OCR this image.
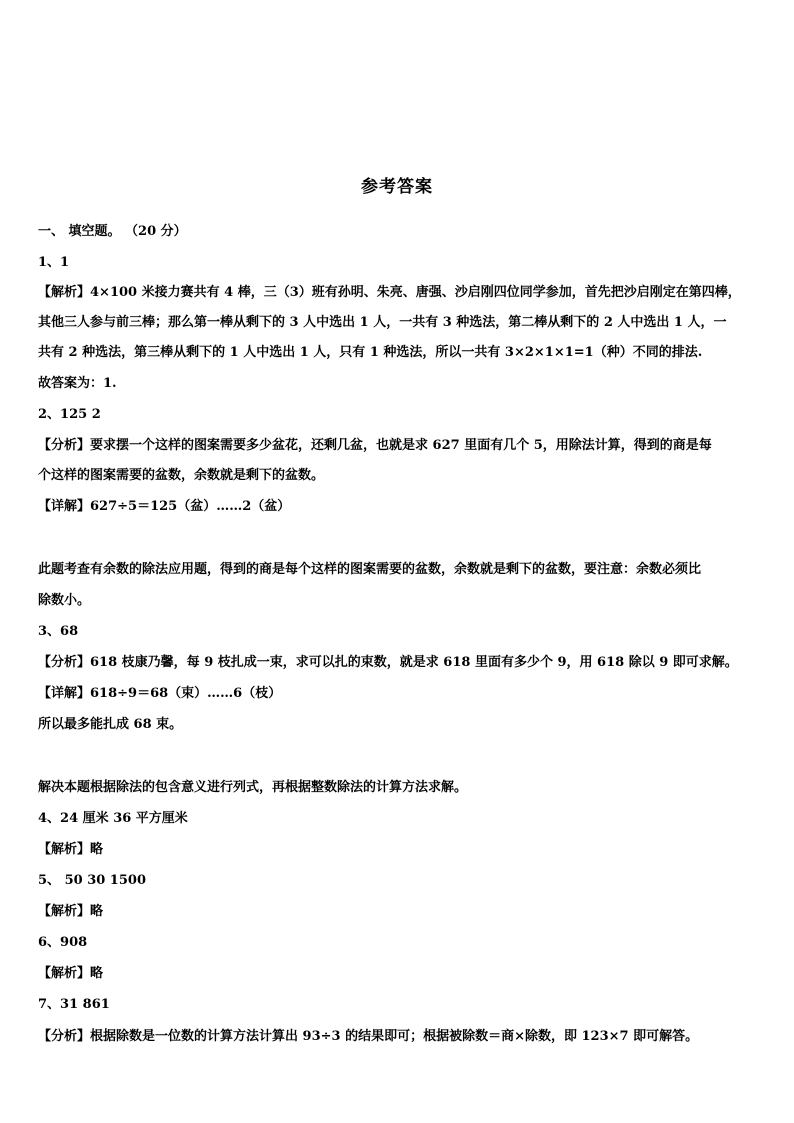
参考答案
一、 填空题。 （20 分）
1、1
【解析】4×100 米接力赛共有 4 棒，三（3）班有孙明、朱亮、唐强、沙启刚四位同学参加，首先把沙启刚定在第四棒，
其他三人参与前三棒；那么第一棒从剩下的 3 人中选出 1 人，一共有 3 种选法，第二棒从剩下的 2 人中选出 1 人，一
共有 2 种选法，第三棒从剩下的 1 人中选出 1 人，只有 1 种选法，所以一共有 3×2×1×1=1（种）不同的排法.
故答案为：1.
2、125 2
【分析】要求摆一个这样的图案需要多少盆花，还剩几盆，也就是求 627 里面有几个 5，用除法计算，得到的商是每
个这样的图案需要的盆数，余数就是剩下的盆数。
【详解】627÷5＝125（盆）……2（盆）
此题考查有余数的除法应用题，得到的商是每个这样的图案需要的盆数，余数就是剩下的盆数，要注意：余数必须比
除数小。
3、68
【分析】618 枝康乃馨，每 9 枝扎成一束，求可以扎的束数，就是求 618 里面有多少个 9，用 618 除以 9 即可求解。
【详解】618÷9＝68（束）……6（枝）
所以最多能扎成 68 束。
解决本题根据除法的包含意义进行列式，再根据整数除法的计算方法求解。
4、24 厘米 36 平方厘米
【解析】略
5、 50 30 1500
【解析】略
6、908
【解析】略
7、31 861
【分析】根据除数是一位数的计算方法计算出 93÷3 的结果即可；根据被除数＝商×除数，即 123×7 即可解答。
